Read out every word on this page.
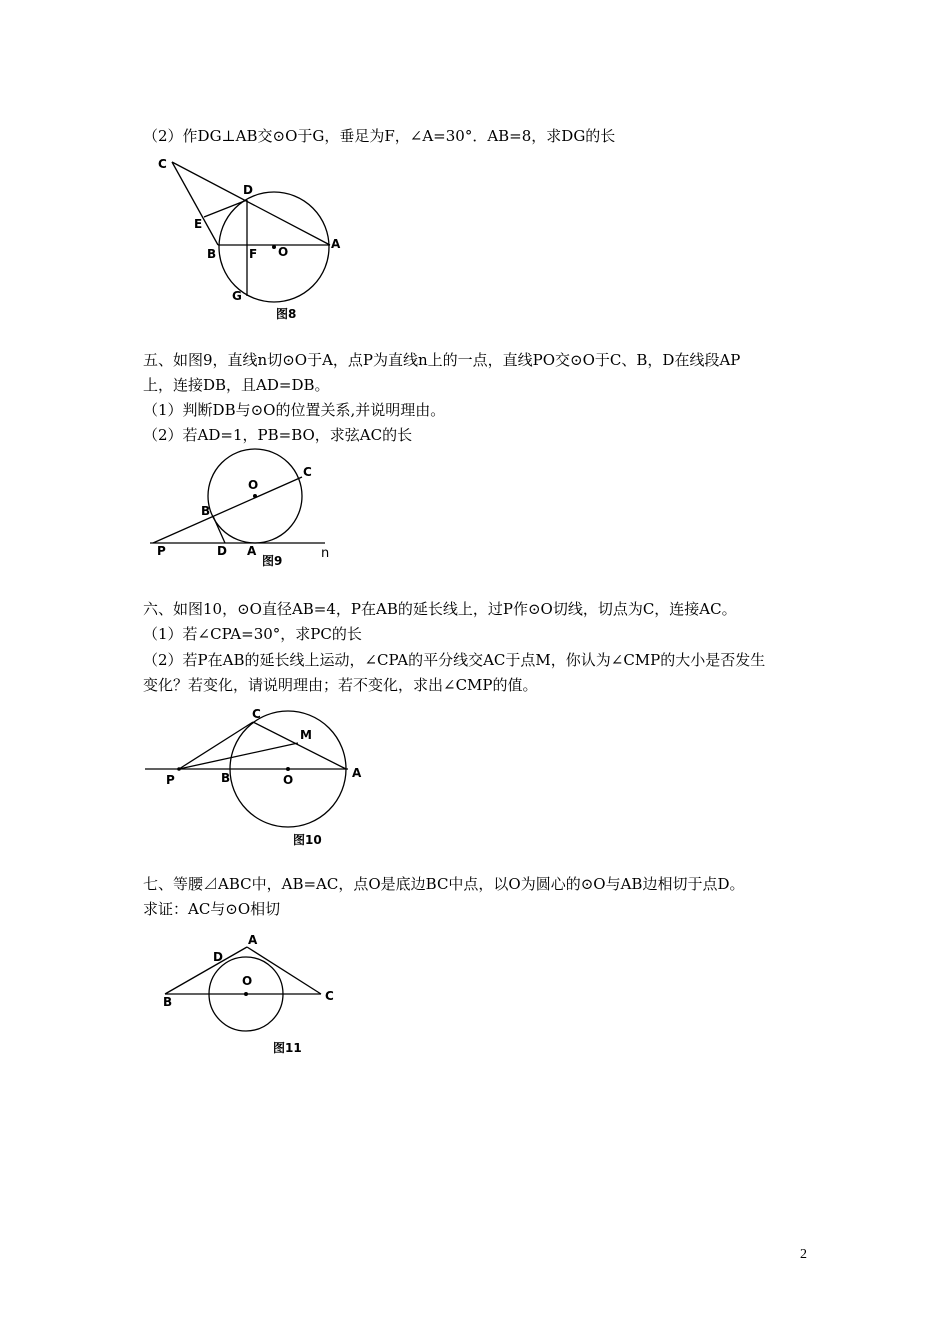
（2）作DG⊥AB交⊙O于G，垂足为F，∠A=30°．AB=8，求DG的长
C
D
E
B	F O
A
G
图8
五、如图9，直线n切⊙O于A，点P为直线n上的一点，直线PO交⊙O于C、B，D在线段AP
上，连接DB，且AD=DB。
（1）判断DB与⊙O的位置关系,并说明理由。
（2）若AD=1，PB=BO，求弦AC的长
O
C
B
P	D A	n
图9
六、如图10，⊙O直径AB=4，P在AB的延长线上，过P作⊙O切线，切点为C，连接AC。
（1）若∠CPA=30°，求PC的长
（2）若P在AB的延长线上运动，∠CPA的平分线交AC于点M，你认为∠CMP的大小是否发生
变化？若变化，请说明理由；若不变化，求出∠CMP的值。
C
M
P	B	O	A
图10
七、等腰⊿ABC中，AB=AC，点O是底边BC中点，以O为圆心的⊙O与AB边相切于点D。
求证：AC与⊙O相切
A
D
O
B	C
图11
2
